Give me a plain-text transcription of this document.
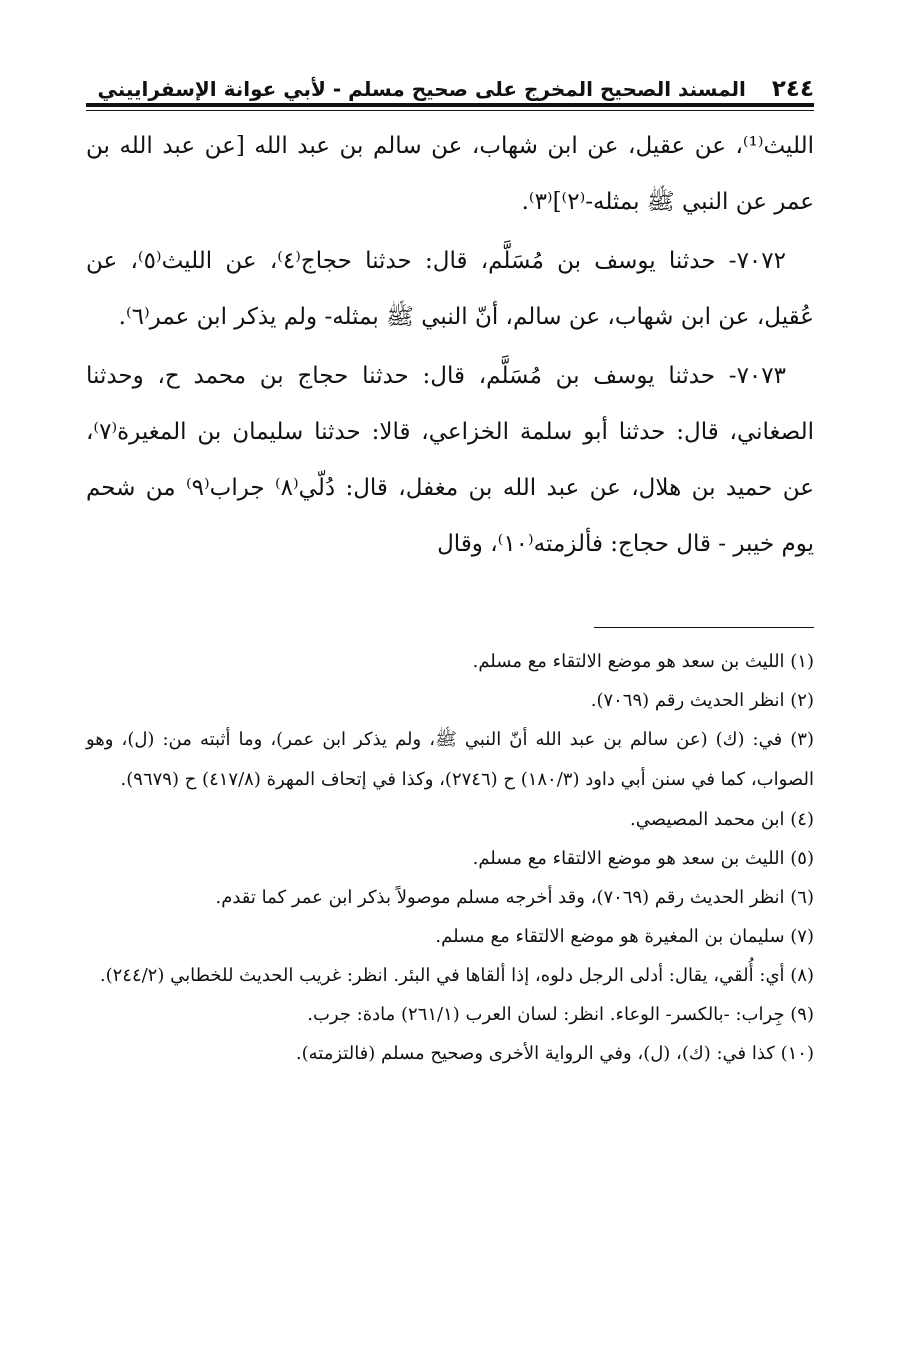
٢٤٤
المسند الصحيح المخرج على صحيح مسلم - لأبي عوانة الإسفراييني

الليث⁽¹⁾، عن عقيل، عن ابن شهاب، عن سالم بن عبد الله [عن عبد الله بن عمر عن النبي ﷺ بمثله-⁽٢⁾]⁽٣⁾.

٧٠٧٢- حدثنا يوسف بن مُسَلَّم، قال: حدثنا حجاج⁽٤⁾، عن الليث⁽٥⁾، عن عُقيل، عن ابن شهاب، عن سالم، أنّ النبي ﷺ بمثله- ولم يذكر ابن عمر⁽٦⁾.

٧٠٧٣- حدثنا يوسف بن مُسَلَّم، قال: حدثنا حجاج بن محمد ح، وحدثنا الصغاني، قال: حدثنا أبو سلمة الخزاعي، قالا: حدثنا سليمان بن المغيرة⁽٧⁾، عن حميد بن هلال، عن عبد الله بن مغفل، قال: دُلّي⁽٨⁾ جراب⁽٩⁾ من شحم يوم خيبر - قال حجاج: فألزمته⁽١٠⁾، وقال

(١) الليث بن سعد هو موضع الالتقاء مع مسلم.

(٢) انظر الحديث رقم (٧٠٦٩).

(٣) في: (ك) (عن سالم بن عبد الله أنّ النبي ﷺ، ولم يذكر ابن عمر)، وما أثبته من: (ل)، وهو الصواب، كما في سنن أبي داود (١٨٠/٣) ح (٢٧٤٦)، وكذا في إتحاف المهرة (٤١٧/٨) ح (٩٦٧٩).

(٤) ابن محمد المصيصي.

(٥) الليث بن سعد هو موضع الالتقاء مع مسلم.

(٦) انظر الحديث رقم (٧٠٦٩)، وقد أخرجه مسلم موصولاً بذكر ابن عمر كما تقدم.

(٧) سليمان بن المغيرة هو موضع الالتقاء مع مسلم.

(٨) أي: أُلقي، يقال: أدلى الرجل دلوه، إذا ألقاها في البئر. انظر: غريب الحديث للخطابي (٢٤٤/٢).

(٩) جِراب: -بالكسر- الوعاء. انظر: لسان العرب (٢٦١/١) مادة: جرب.

(١٠) كذا في: (ك)، (ل)، وفي الرواية الأخرى وصحيح مسلم (فالتزمته).
